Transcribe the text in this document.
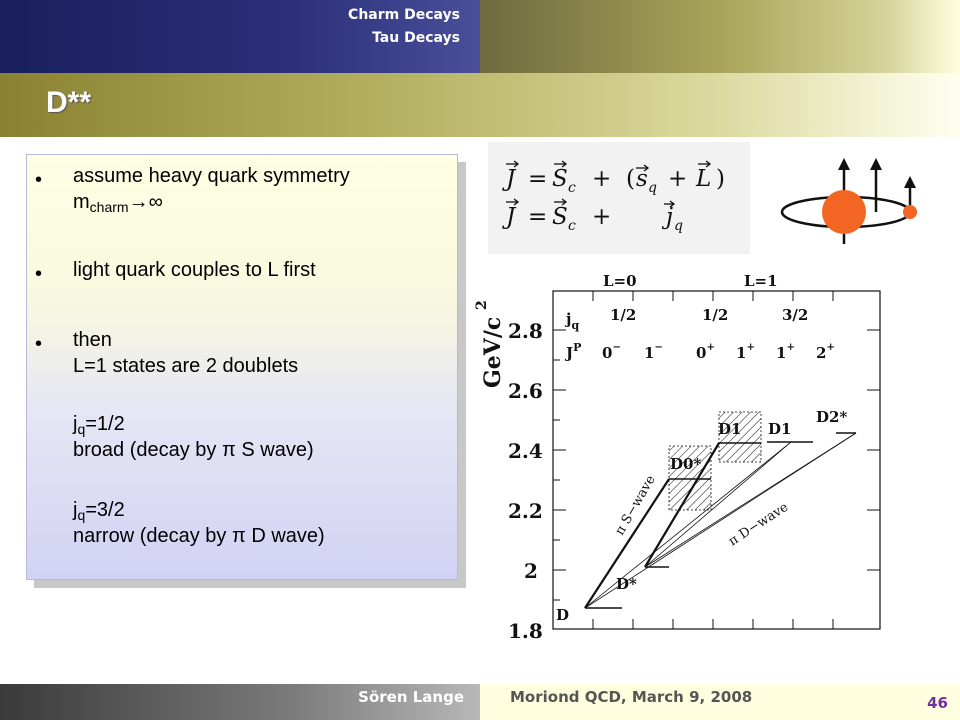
Charm Decays
Tau Decays
D**
• assume heavy quark symmetry
$m_{charm}\to\infty$
• light quark couples to L first
• then
L=1 states are 2 doublets
$j_q=1/2$
broad (decay by π S wave)
$j_q=3/2$
narrow (decay by π D wave)
J = S c + ( s q + L )
J = S c + j q
GeV/c
2
2.8
2.6
2.4
2.2
2
1.8
L=0	L=1
$j_q$
1/2	1/2	3/2
$J^P$ 0− 1− 0+ 1+ 1+ 2+
D
D*
D0*
D1 D1
D2*
π S−wave	π D−wave
Sören Lange	Moriond QCD, March 9, 2008	46
